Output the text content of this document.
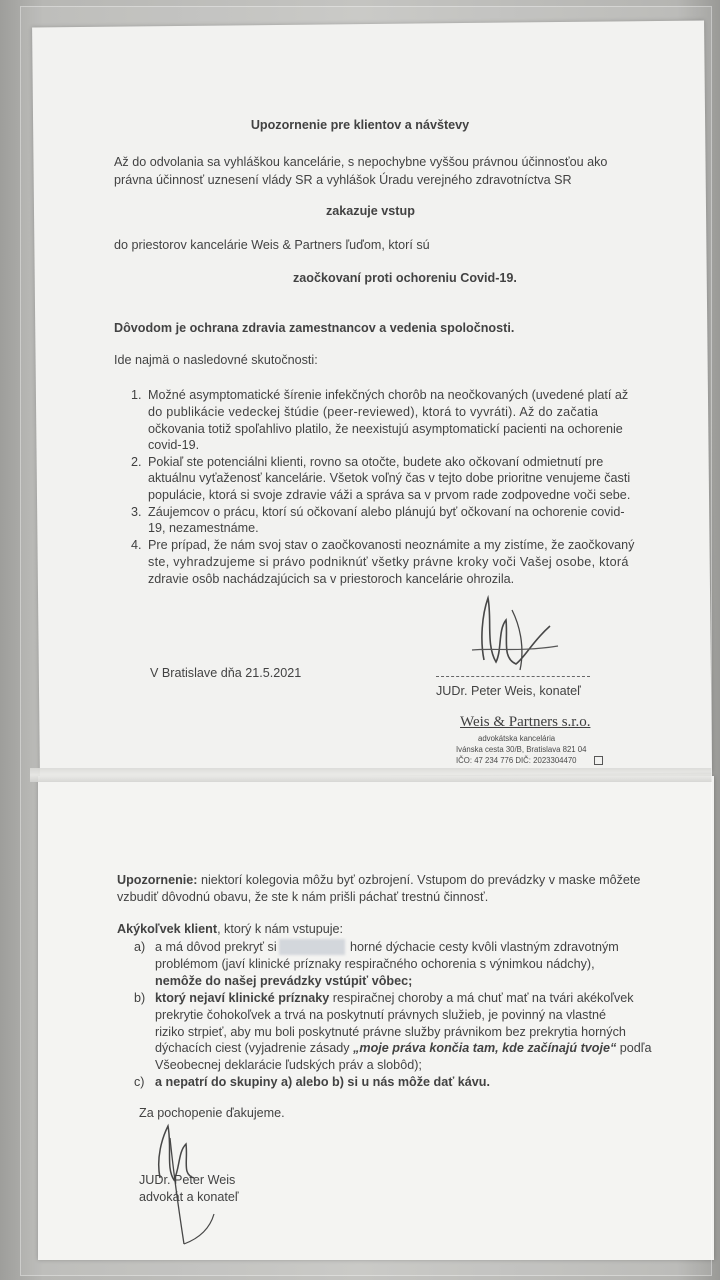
Upozornenie pre klientov a návštevy
Až do odvolania sa vyhláškou kancelárie, s nepochybne vyššou právnou účinnosťou ako
právna účinnosť uznesení vlády SR a vyhlášok Úradu verejného zdravotníctva SR
zakazuje vstup
do priestorov kancelárie Weis & Partners ľuďom, ktorí sú
zaočkovaní proti ochoreniu Covid-19.
Dôvodom je ochrana zdravia zamestnancov a vedenia spoločnosti.
Ide najmä o nasledovné skutočnosti:
1. Možné asymptomatické šírenie infekčných chorôb na neočkovaných (uvedené platí až
do publikácie vedeckej štúdie (peer-reviewed), ktorá to vyvráti). Až do začatia
očkovania totiž spoľahlivo platilo, že neexistujú asymptomatickí pacienti na ochorenie
covid-19.
2. Pokiaľ ste potenciálni klienti, rovno sa otočte, budete ako očkovaní odmietnutí pre
aktuálnu vyťaženosť kancelárie. Všetok voľný čas v tejto dobe prioritne venujeme časti
populácie, ktorá si svoje zdravie váži a správa sa v prvom rade zodpovedne voči sebe.
3. Záujemcov o prácu, ktorí sú očkovaní alebo plánujú byť očkovaní na ochorenie covid-
19, nezamestnáme.
4. Pre prípad, že nám svoj stav o zaočkovanosti neoznámite a my zistíme, že zaočkovaný
ste, vyhradzujeme si právo podniknúť všetky právne kroky voči Vašej osobe, ktorá
zdravie osôb nachádzajúcich sa v priestoroch kancelárie ohrozila.
V Bratislave dňa 21.5.2021
JUDr. Peter Weis, konateľ
Weis & Partners s.r.o.
advokátska kancelária
Ivánska cesta 30/B, Bratislava 821 04
IČO: 47 234 776 DIČ: 2023304470
Upozornenie: niektorí kolegovia môžu byť ozbrojení. Vstupom do prevádzky v maske môžete
vzbudiť dôvodnú obavu, že ste k nám prišli páchať trestnú činnosť.
Akýkoľvek klient, ktorý k nám vstupuje:
a) a má dôvod prekryť si	horné dýchacie cesty kvôli vlastným zdravotným
problémom (javí klinické príznaky respiračného ochorenia s výnimkou nádchy),
nemôže do našej prevádzky vstúpiť vôbec;
b) ktorý nejaví klinické príznaky respiračnej choroby a má chuť mať na tvári akékoľvek
prekrytie čohokoľvek a trvá na poskytnutí právnych služieb, je povinný na vlastné
riziko strpieť, aby mu boli poskytnuté právne služby právnikom bez prekrytia horných
dýchacích ciest (vyjadrenie zásady „moje práva končia tam, kde začínajú tvoje“ podľa
Všeobecnej deklarácie ľudských práv a slobôd);
c) a nepatrí do skupiny a) alebo b) si u nás môže dať kávu.
Za pochopenie ďakujeme.
JUDr. Peter Weis
advokát a konateľ
